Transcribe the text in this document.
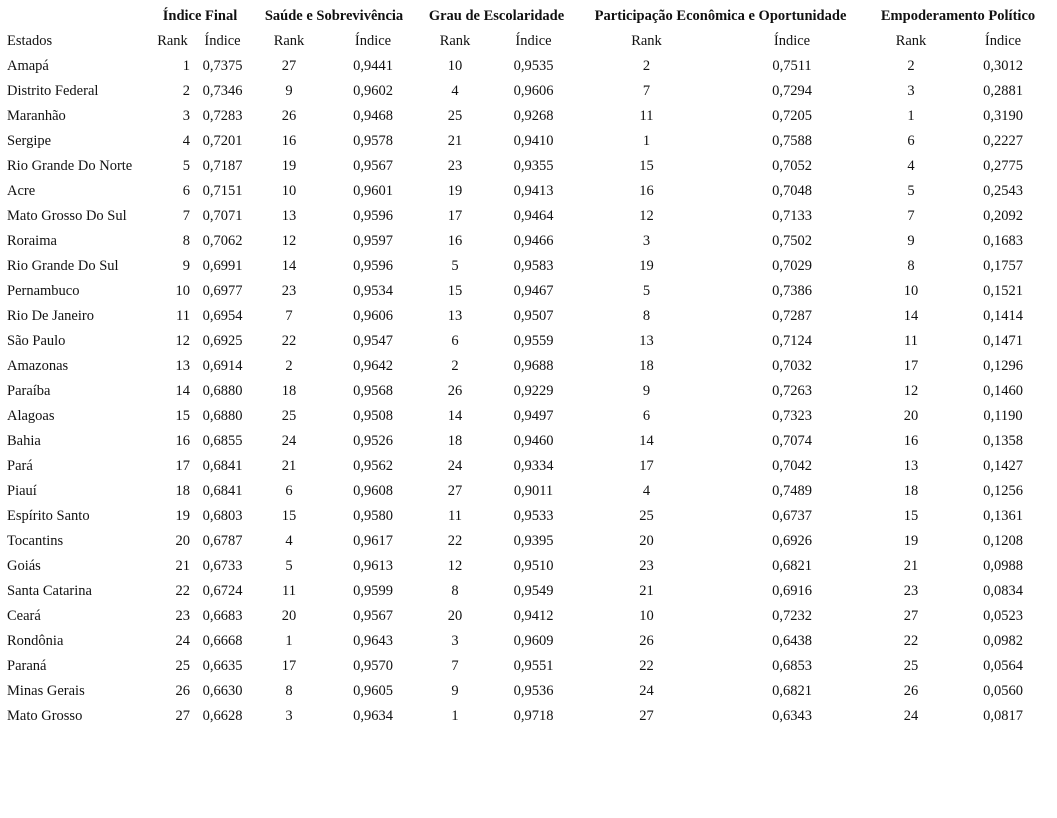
	Índice Final		Saúde e Sobrevivência		Grau de Escolaridade		Participação Econômica e Oportunidade		Empoderamento Político	
Estados	Rank	Índice	Rank	Índice	Rank	Índice	Rank	Índice	Rank	Índice
Amapá	1	0,7375	27	0,9441	10	0,9535	2	0,7511	2	0,3012
Distrito Federal	2	0,7346	9	0,9602	4	0,9606	7	0,7294	3	0,2881
Maranhão	3	0,7283	26	0,9468	25	0,9268	11	0,7205	1	0,3190
Sergipe	4	0,7201	16	0,9578	21	0,9410	1	0,7588	6	0,2227
Rio Grande Do Norte	5	0,7187	19	0,9567	23	0,9355	15	0,7052	4	0,2775
Acre	6	0,7151	10	0,9601	19	0,9413	16	0,7048	5	0,2543
Mato Grosso Do Sul	7	0,7071	13	0,9596	17	0,9464	12	0,7133	7	0,2092
Roraima	8	0,7062	12	0,9597	16	0,9466	3	0,7502	9	0,1683
Rio Grande Do Sul	9	0,6991	14	0,9596	5	0,9583	19	0,7029	8	0,1757
Pernambuco	10	0,6977	23	0,9534	15	0,9467	5	0,7386	10	0,1521
Rio De Janeiro	11	0,6954	7	0,9606	13	0,9507	8	0,7287	14	0,1414
São Paulo	12	0,6925	22	0,9547	6	0,9559	13	0,7124	11	0,1471
Amazonas	13	0,6914	2	0,9642	2	0,9688	18	0,7032	17	0,1296
Paraíba	14	0,6880	18	0,9568	26	0,9229	9	0,7263	12	0,1460
Alagoas	15	0,6880	25	0,9508	14	0,9497	6	0,7323	20	0,1190
Bahia	16	0,6855	24	0,9526	18	0,9460	14	0,7074	16	0,1358
Pará	17	0,6841	21	0,9562	24	0,9334	17	0,7042	13	0,1427
Piauí	18	0,6841	6	0,9608	27	0,9011	4	0,7489	18	0,1256
Espírito Santo	19	0,6803	15	0,9580	11	0,9533	25	0,6737	15	0,1361
Tocantins	20	0,6787	4	0,9617	22	0,9395	20	0,6926	19	0,1208
Goiás	21	0,6733	5	0,9613	12	0,9510	23	0,6821	21	0,0988
Santa Catarina	22	0,6724	11	0,9599	8	0,9549	21	0,6916	23	0,0834
Ceará	23	0,6683	20	0,9567	20	0,9412	10	0,7232	27	0,0523
Rondônia	24	0,6668	1	0,9643	3	0,9609	26	0,6438	22	0,0982
Paraná	25	0,6635	17	0,9570	7	0,9551	22	0,6853	25	0,0564
Minas Gerais	26	0,6630	8	0,9605	9	0,9536	24	0,6821	26	0,0560
Mato Grosso	27	0,6628	3	0,9634	1	0,9718	27	0,6343	24	0,0817
